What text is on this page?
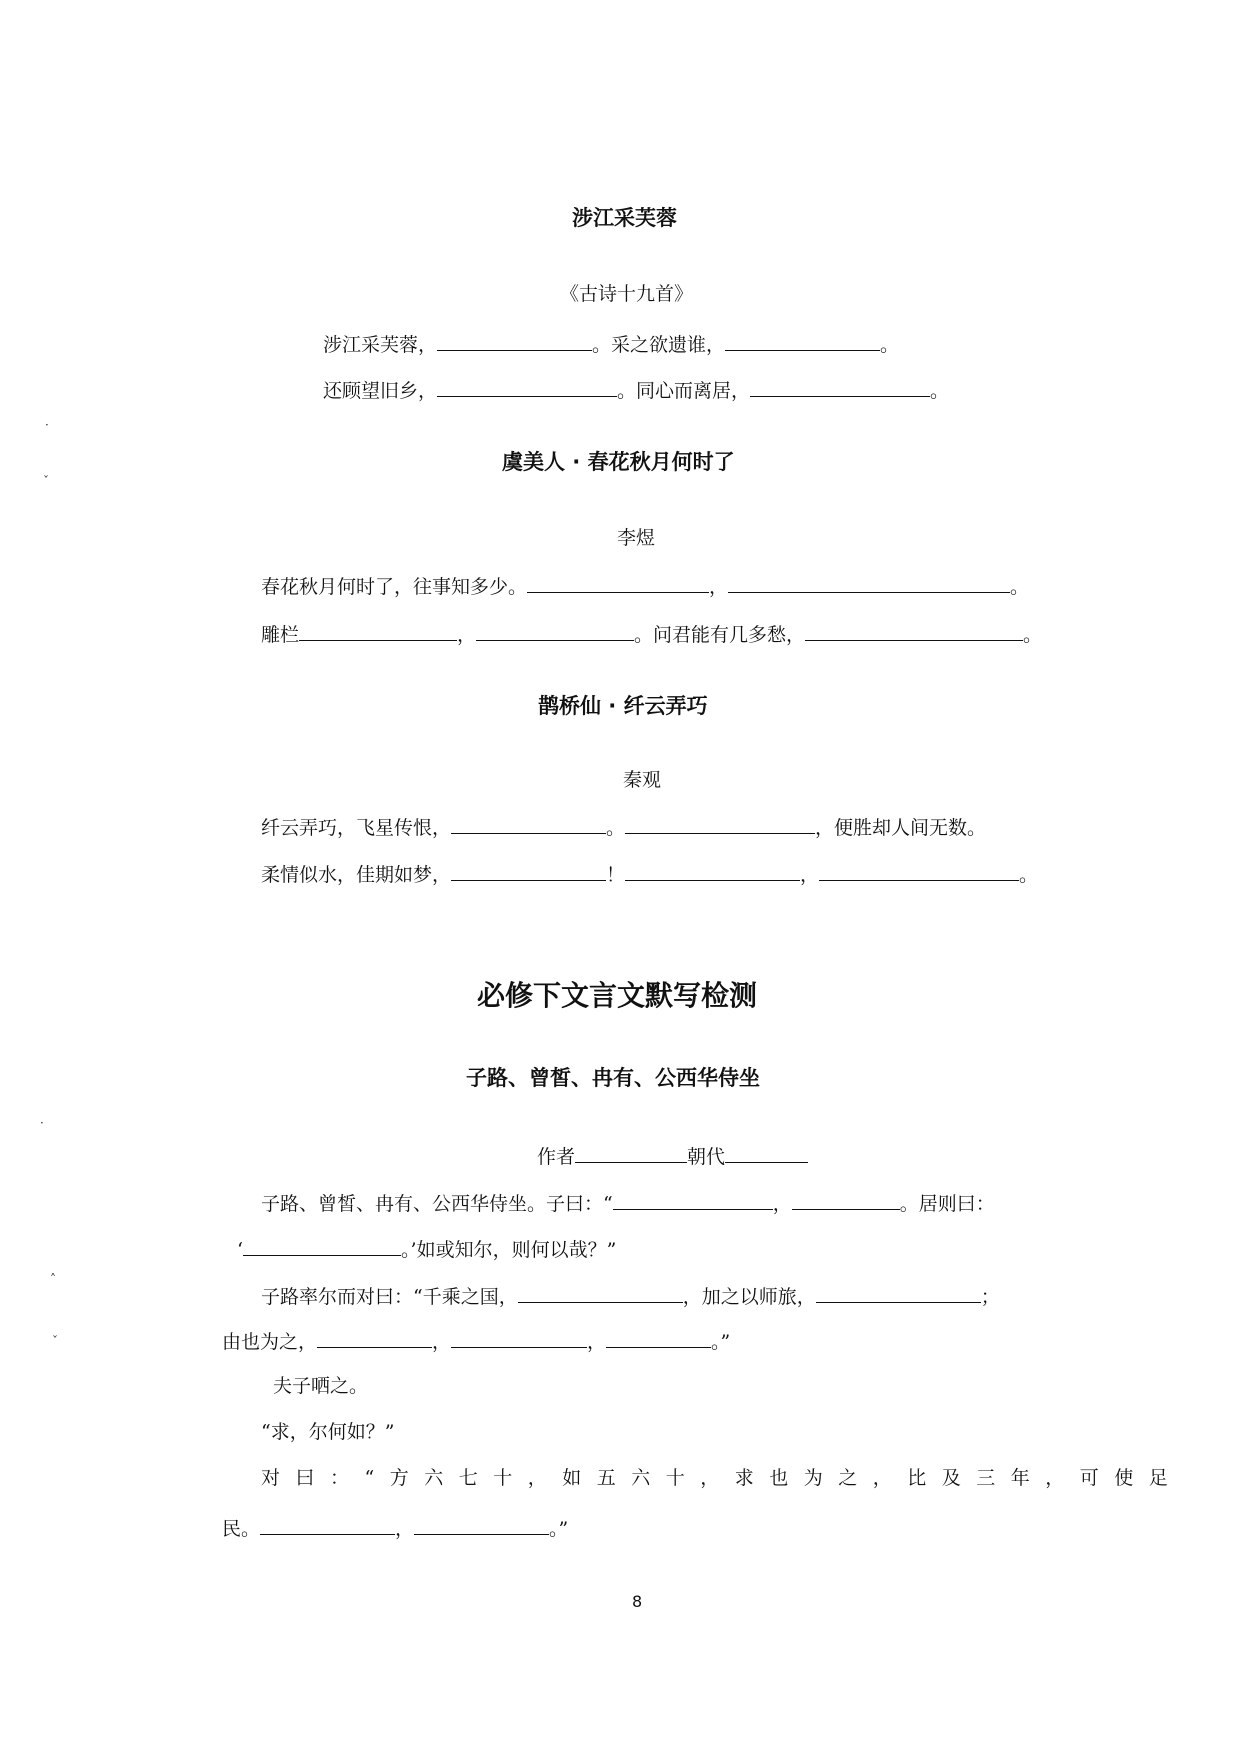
涉江采芙蓉
《古诗十九首》
涉江采芙蓉，	。采之欲遗谁，	。
还顾望旧乡，	。同心而离居，	。
虞美人 · 春花秋月何时了
李煜
春花秋月何时了，往事知多少。	，	。
雕栏	，	。问君能有几多愁，	。
鹊桥仙 · 纤云弄巧
秦观
纤云弄巧，飞星传恨，	。	，便胜却人间无数。
柔情似水，佳期如梦，	！	，	。
必修下文言文默写检测
子路、曾皙、冉有、公西华侍坐
作者	朝代
子路、曾皙、冉有、公西华侍坐。子曰：“	，	。居则曰：
‘	。’如或知尔，则何以哉？”
子路率尔而对曰：“千乘之国，	，加之以师旅，	；
由也为之，	，	，	。”
夫子哂之。
“求，尔何如？”
对曰：“方六七十，如五六十，求也为之，比及三年，可使足
民。	，	。”
8
·
ˇ
·
˄
ˇ
